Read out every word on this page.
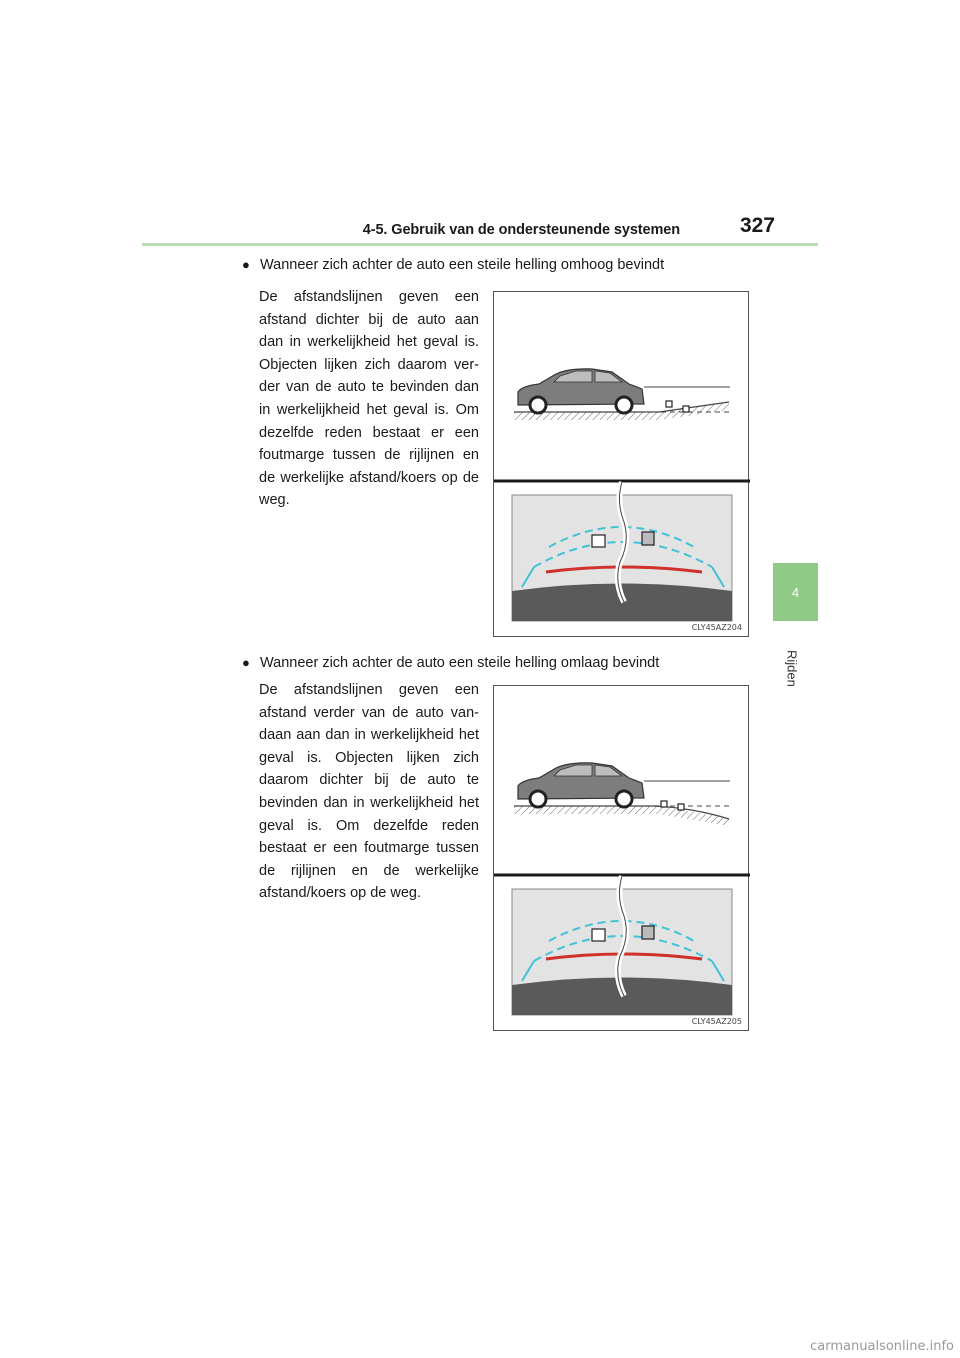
4-5. Gebruik van de ondersteunende systemen	327
4
Rijden
● Wanneer zich achter de auto een steile helling omhoog bevindt
De afstandslijnen geven een afstand dichter bij de auto aan dan in werkelijkheid het geval is. Objecten lijken zich daarom ver-der van de auto te bevinden dan in werkelijkheid het geval is. Om dezelfde reden bestaat er een foutmarge tussen de rijlijnen en de werkelijke afstand/koers op de weg.
CLY45AZ204
● Wanneer zich achter de auto een steile helling omlaag bevindt
De afstandslijnen geven een afstand verder van de auto van-daan aan dan in werkelijkheid het geval is. Objecten lijken zich daarom dichter bij de auto te bevinden dan in werkelijkheid het geval is. Om dezelfde reden bestaat er een foutmarge tussen de rijlijnen en de werkelijke afstand/koers op de weg.
CLY45AZ205
carmanualsonline.info
